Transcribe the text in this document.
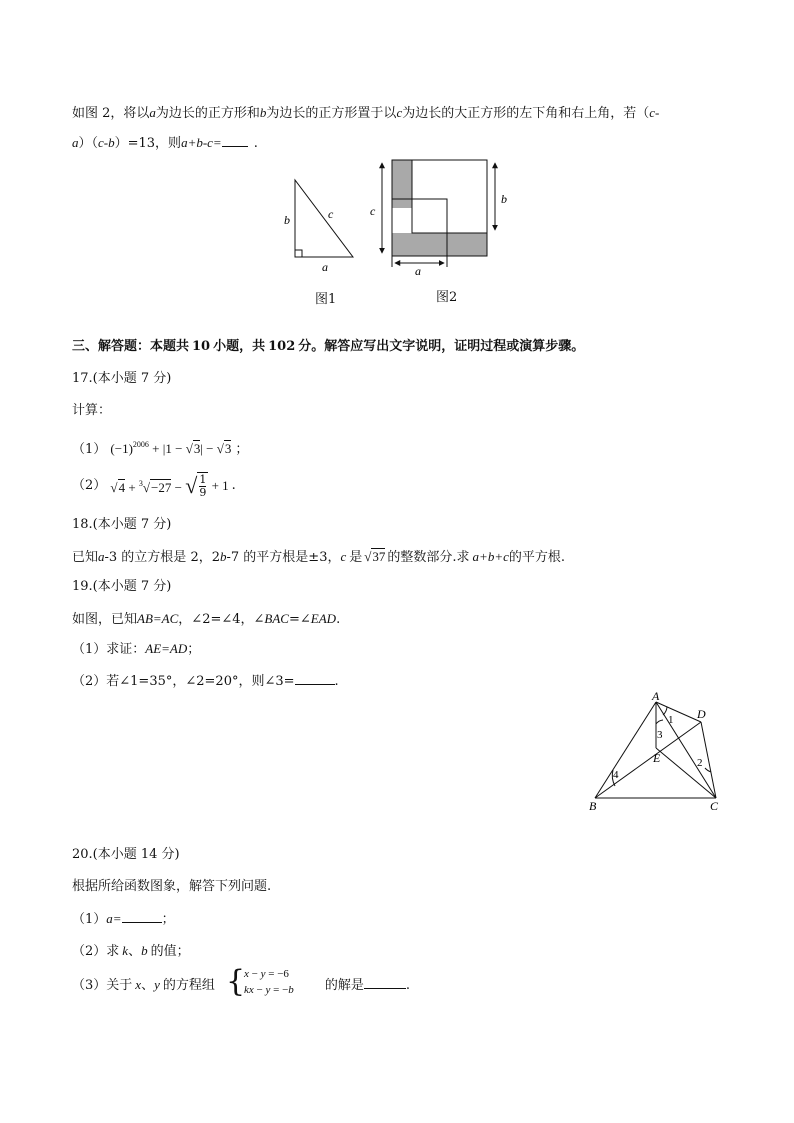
如图 2，将以a为边长的正方形和b为边长的正方形置于以c为边长的大正方形的左下角和右上角，若（c-
a）（c-b）=13，则a+b-c= .
b	c
a
图1
c
b
a
图2
三、解答题：本题共 10 小题，共 102 分。解答应写出文字说明，证明过程或演算步骤。
17.(本小题 7 分)
计算：
（1） $(-1)^{2006} + |1 - √3| - √3$ ；
（2） √4 + $^3$√−27 − √ $\frac{1}{9} + 1$ .
18.(本小题 7 分)
已知a-3 的立方根是 2，2b-7 的平方根是±3，c 是 √37 的整数部分.求 a+b+c的平方根.
19.(本小题 7 分)
如图，已知AB=AC，∠2=∠4，∠BAC=∠EAD.
（1）求证：AE=AD；
（2）若∠1=35°，∠2=20°，则∠3=	.
A
D
E
B	C
1
3
4
2
20.(本小题 14 分)
根据所给函数图象，解答下列问题.
（1）a=	；
（2）求 k、b 的值；
（3）关于 x、y 的方程组	的解是	.
{
x − y = −6
kx − y = −b
